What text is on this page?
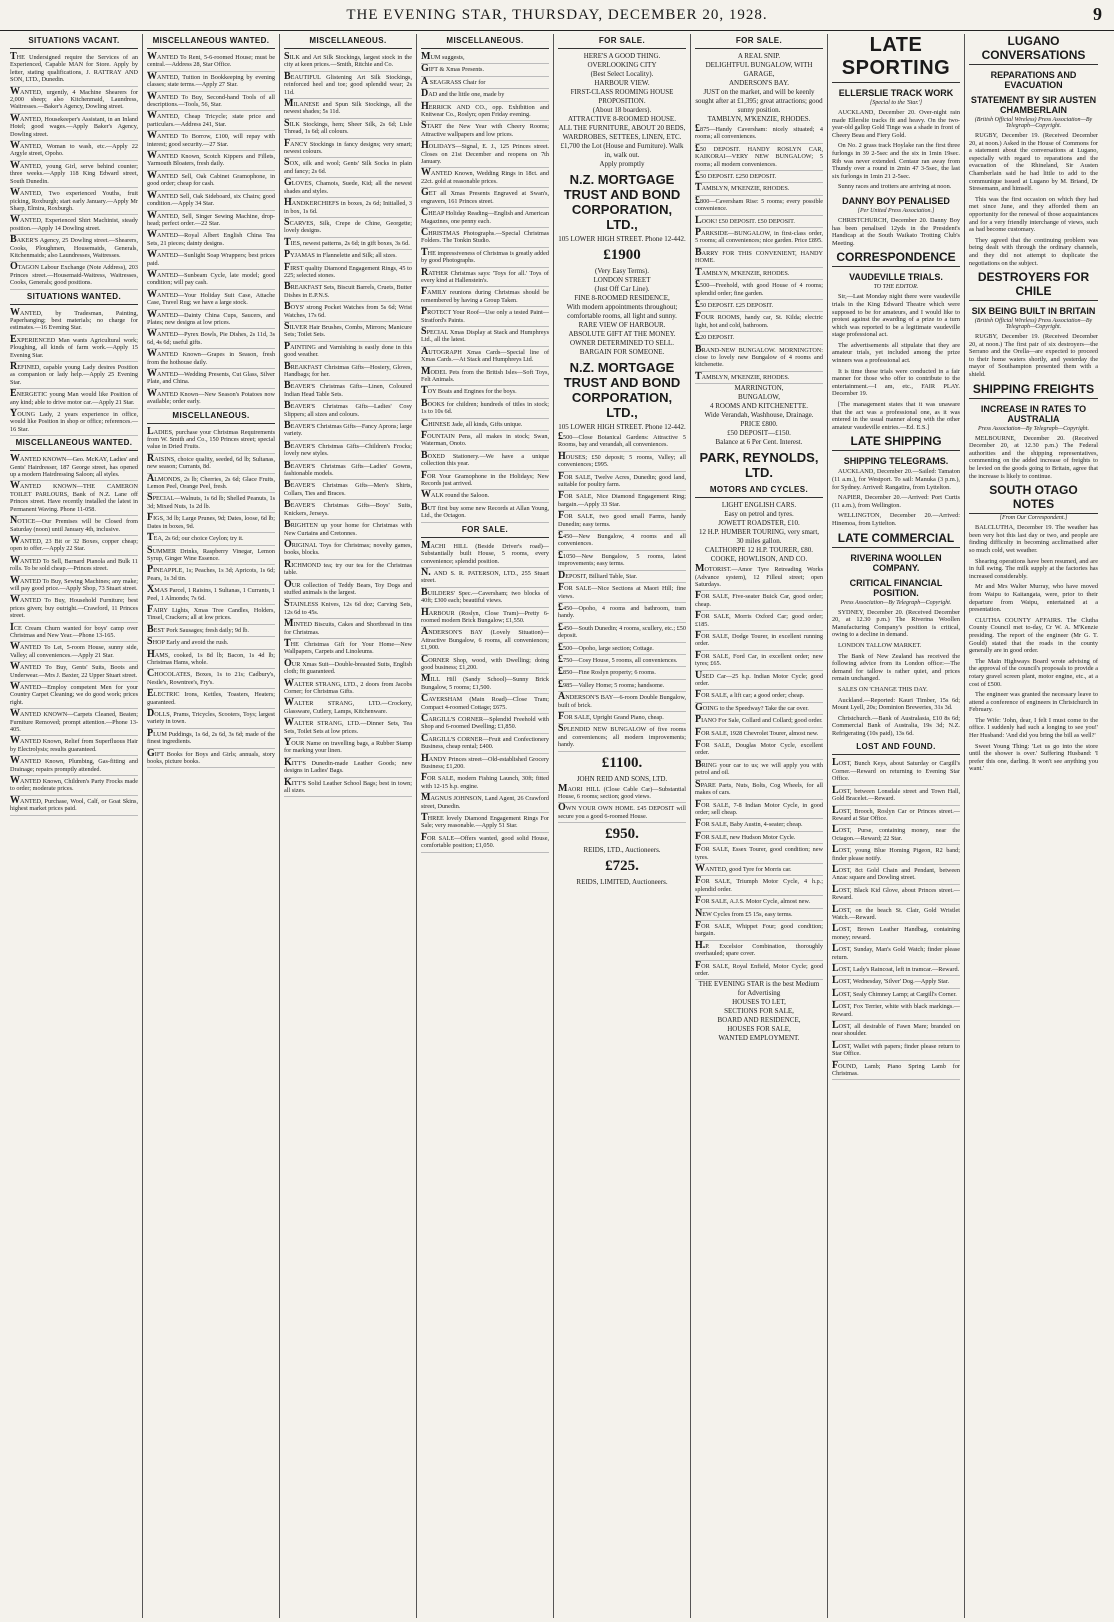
THE EVENING STAR, THURSDAY, DECEMBER 20, 1928.	9
SITUATIONS VACANT.
THE Undersigned require the Services of an Experienced, Capable MAN for Store. Apply by letter, stating qualifications, J. RATTRAY AND SON, LTD., Dunedin.
WANTED, urgently, 4 Machine Shearers for 2,000 sheep; also Kitchenmaid, Laundress, Waitresses.—Baker's Agency, Dowling street.
WANTED, Housekeeper's Assistant, in an Inland Hotel; good wages.—Apply Baker's Agency, Dowling street.
WANTED, Woman to wash, etc.—Apply 22 Argyle street, Opoho.
WANTED, young Girl, serve behind counter; three weeks.—Apply 118 King Edward street, South Dunedin.
WANTED, Two experienced Youths, fruit picking, Roxburgh; start early January.—Apply Mr Sharp, Elmira, Roxburgh.
WANTED, Experienced Shirt Machinist, steady position.—Apply 14 Dowling street.
BAKER'S Agency, 25 Dowling street.—Shearers, Cooks, Ploughmen, Housemaids, Generals, Kitchenmaids; also Laundresses, Waitresses.
OTAGON Labour Exchange (Note Address), 203 Princes street.—Housemaid-Waitress, Waitresses, Cooks, Generals; good positions.
SITUATIONS WANTED.
WANTED, by Tradesman, Painting, Paperhanging; best materials; no charge for estimates.—16 Evening Star.
EXPERIENCED Man wants Agricultural work; Ploughing, all kinds of farm work.—Apply 15 Evening Star.
REFINED, capable young Lady desires Position as companion or lady help.—Apply 25 Evening Star.
ENERGETIC young Man would like Position of any kind; able to drive motor car.—Apply 21 Star.
YOUNG Lady, 2 years experience in office, would like Position in shop or office; references.—16 Star.
MISCELLANEOUS WANTED.
WANTED KNOWN—Geo. McKAY, Ladies' and Gents' Hairdresser, 187 George street, has opened up a modern Hairdressing Saloon; all styles.
WANTED KNOWN—THE CAMERON TOILET PARLOURS, Bank of N.Z. Lane off Princes street. Have recently installed the latest in Permanent Waving. Phone 11-058.
NOTICE—Our Premises will be Closed from Saturday (noon) until January 4th, inclusive.
WANTED, 23 Bit or 32 Boxes, copper cheap; open to offer.—Apply 22 Star.
WANTED To Sell, Barnard Pianola and Bulk 11 rolls. To be sold cheap.—Princes street.
WANTED To Buy, Sewing Machines; any make; will pay good price.—Apply Shop, 73 Stuart street.
WANTED To Buy, Household Furniture; best prices given; buy outright.—Crawford, 11 Princes street.
ICE Cream Churn wanted for boys' camp over Christmas and New Year.—Phone 13-165.
WANTED To Let, 5-room House, sunny side, Valley; all conveniences.—Apply 21 Star.
WANTED To Buy, Gents' Suits, Boots and Underwear.—Mrs J. Baxter, 22 Upper Stuart street.
WANTED—Employ competent Men for your Country Carpet Cleaning; we do good work; prices right.
WANTED KNOWN—Carpets Cleaned, Beaten; Furniture Removed; prompt attention.—Phone 13-405.
WANTED Known, Relief from Superfluous Hair by Electrolysis; results guaranteed.
WANTED Known, Plumbing, Gas-fitting and Drainage; repairs promptly attended.
WANTED Known, Children's Party Frocks made to order; moderate prices.
WANTED, Purchase, Wool, Calf, or Goat Skins, highest market prices paid.
MISCELLANEOUS WANTED.
WANTED To Rent, 5-6-roomed House; must be central.—Address 28, Star Office.
WANTED, Tuition in Bookkeeping by evening classes; state terms.—Apply 27 Star.
WANTED To Buy, Second-hand Tools of all descriptions.—Tools, 56, Star.
WANTED, Cheap Tricycle; state price and particulars.—Address 241, Star.
WANTED To Borrow, £100, will repay with interest; good security.—27 Star.
WANTED Known, Scotch Kippers and Fillets, Yarmouth Bloaters, fresh daily.
WANTED Sell, Oak Cabinet Gramophone, in good order; cheap for cash.
WANTED Sell, Oak Sideboard, six Chairs; good condition.—Apply 34 Star.
WANTED, Sell, Singer Sewing Machine, drop-head; perfect order.—22 Star.
WANTED—Royal Albert English China Tea Sets, 21 pieces; dainty designs.
WANTED—Sunlight Soap Wrappers; best prices paid.
WANTED—Sunbeam Cycle, late model; good condition; will pay cash.
WANTED—Your Holiday Suit Case, Attache Case, Travel Rug; we have a large stock.
WANTED—Dainty China Cups, Saucers, and Plates; new designs at low prices.
WANTED—Pyrex Bowls, Pie Dishes, 2s 11d, 3s 6d, 4s 6d; useful gifts.
WANTED Known—Grapes in Season, fresh from the hothouse daily.
WANTED—Wedding Presents, Cut Glass, Silver Plate, and China.
WANTED Known—New Season's Potatoes now available; order early.
MISCELLANEOUS.
LADIES, purchase your Christmas Requirements from W. Smith and Co., 150 Princes street; special value in Dried Fruits.
RAISINS, choice quality, seeded, 6d lb; Sultanas, new season; Currants, 8d.
ALMONDS, 2s lb; Cherries, 2s 6d; Glace Fruits, Lemon Peel, Orange Peel, fresh.
SPECIAL—Walnuts, 1s 6d lb; Shelled Peanuts, 1s 3d; Mixed Nuts, 1s 2d lb.
FIGS, 3d lb; Large Prunes, 9d; Dates, loose, 6d lb; Dates in boxes, 9d.
TEA, 2s 6d; our choice Ceylon; try it.
SUMMER Drinks, Raspberry Vinegar, Lemon Syrup, Ginger Wine Essence.
PINEAPPLE, 1s; Peaches, 1s 3d; Apricots, 1s 6d; Pears, 1s 3d tin.
XMAS Parcel, 1 Raisins, 1 Sultanas, 1 Currants, 1 Peel, 1 Almonds; 7s 6d.
FAIRY Lights, Xmas Tree Candles, Holders, Tinsel, Crackers; all at low prices.
BEST Pork Sausages; fresh daily; 9d lb.
SHOP Early and avoid the rush.
HAMS, cooked, 1s 8d lb; Bacon, 1s 4d lb; Christmas Hams, whole.
CHOCOLATES, Boxes, 1s to 21s; Cadbury's, Nestle's, Rowntree's, Fry's.
ELECTRIC Irons, Kettles, Toasters, Heaters; guaranteed.
DOLLS, Prams, Tricycles, Scooters, Toys; largest variety in town.
PLUM Puddings, 1s 6d, 2s 6d, 3s 6d; made of the finest ingredients.
GIFT Books for Boys and Girls; annuals, story books, picture books.
MISCELLANEOUS.
SILK and Art Silk Stockings, largest stock in the city at keen prices.—Smith, Ritchie and Co.
BEAUTIFUL Glistening Art Silk Stockings, reinforced heel and toe; good splendid wear; 2s 11d.
MILANESE and Spun Silk Stockings, all the newest shades; 5s 11d.
SILK Stockings, hem; Sheer Silk, 2s 6d; Lisle Thread, 1s 6d; all colours.
FANCY Stockings in fancy designs; very smart; newest colours.
SOX, silk and wool; Gents' Silk Socks in plain and fancy; 2s 6d.
GLOVES, Chamois, Suede, Kid; all the newest shades and styles.
HANDKERCHIEFS in boxes, 2s 6d; Initialled, 3 in box, 1s 6d.
SCARVES, Silk, Crepe de Chine, Georgette; lovely designs.
TIES, newest patterns, 2s 6d; in gift boxes, 3s 6d.
PYJAMAS in Flannelette and Silk; all sizes.
FIRST quality Diamond Engagement Rings, 45 to 225; selected stones.
BREAKFAST Sets, Biscuit Barrels, Cruets, Butter Dishes in E.P.N.S.
BOYS' strong Pocket Watches from 5s 6d; Wrist Watches, 17s 6d.
SILVER Hair Brushes, Combs, Mirrors; Manicure Sets; Toilet Sets.
PAINTING and Varnishing is easily done in this good weather.
BREAKFAST Christmas Gifts—Hosiery, Gloves, Handbags; for her.
BEAVER'S Christmas Gifts—Linen, Coloured Indian Head Table Sets.
BEAVER'S Christmas Gifts—Ladies' Cosy Slippers; all sizes and colours.
BEAVER'S Christmas Gifts—Fancy Aprons; large variety.
BEAVER'S Christmas Gifts—Children's Frocks; lovely new styles.
BEAVER'S Christmas Gifts—Ladies' Gowns, fashionable models.
BEAVER'S Christmas Gifts—Men's Shirts, Collars, Ties and Braces.
BEAVER'S Christmas Gifts—Boys' Suits, Knickers, Jerseys.
BRIGHTEN up your home for Christmas with New Curtains and Cretonnes.
ORIGINAL Toys for Christmas; novelty games, books, blocks.
RICHMOND tea; try our tea for the Christmas table.
OUR collection of Teddy Bears, Toy Dogs and stuffed animals is the largest.
STAINLESS Knives, 12s 6d doz; Carving Sets, 12s 6d to 45s.
MINTED Biscuits, Cakes and Shortbread in tins for Christmas.
THE Christmas Gift for Your Home—New Wallpapers, Carpets and Linoleums.
OUR Xmas Suit—Double-breasted Suits, English cloth; fit guaranteed.
WALTER STRANG, LTD., 2 doors from Jacobs Corner; for Christmas Gifts.
WALTER STRANG, LTD.—Crockery, Glassware, Cutlery, Lamps, Kitchenware.
WALTER STRANG, LTD.—Dinner Sets, Tea Sets, Toilet Sets at low prices.
YOUR Name on travelling bags, a Rubber Stamp for marking your linen.
KITT'S Dunedin-made Leather Goods; new designs in Ladies' Bags.
KITT'S Solid Leather School Bags; best in town; all sizes.
MISCELLANEOUS.
MUM suggests,
GIFT & Xmas Presents.
A SEAGRASS Chair for
DAD and the little one, made by
HERRICK AND CO., opp. Exhibition and Knitwear Co., Roslyn; open Friday evening.
START the New Year with Cheery Rooms; Attractive wallpapers and low prices.
HOLIDAYS—Signal, E. J., 125 Princes street. Closes on 21st December and reopens on 7th January.
WANTED Known, Wedding Rings in 18ct. and 22ct. gold at reasonable prices.
GET all Xmas Presents Engraved at Swan's, engravers, 161 Princes street.
CHEAP Holiday Reading—English and American Magazines, one penny each.
CHRISTMAS Photographs.—Special Christmas Folders. The Tonkin Studio.
THE impressiveness of Christmas is greatly added by good Photographs.
RATHER Christmas says: 'Toys for all.' Toys of every kind at Hallenstein's.
FAMILY reunions during Christmas should be remembered by having a Group Taken.
PROTECT Your Roof—Use only a tested Paint—Stratford's Paints.
SPECIAL Xmas Display at Stack and Humphreys Ltd., all the latest.
AUTOGRAPH Xmas Cards—Special line of Xmas Cards.—At Stack and Humphreys Ltd.
MODEL Pets from the British Isles—Soft Toys, Felt Animals.
TOY Boats and Engines for the boys.
BOOKS for children; hundreds of titles in stock; 1s to 10s 6d.
CHINESE Jade, all kinds, Gifts unique.
FOUNTAIN Pens, all makes in stock; Swan, Waterman, Onoto.
BOXED Stationery.—We have a unique collection this year.
FOR Your Gramophone in the Holidays; New Records just arrived.
WALK round the Saloon.
BUT first buy some new Records at Allan Young, Ltd., the Octagon.
FOR SALE.
MACHI HILL (Beside Driver's road)—Substantially built House, 5 rooms, every convenience; splendid position.
N. AND S. R. PATERSON, LTD., 255 Stuart street.
BUILDERS' Spec.—Caversham; two blocks of 40ft; £300 each; beautiful views.
HARBOUR (Roslyn, Close Tram)—Pretty 6-roomed modern Brick Bungalow; £1,550.
ANDERSON'S BAY (Lovely Situation)—Attractive Bungalow, 6 rooms, all conveniences; £1,900.
CORNER Shop, wood, with Dwelling; doing good business; £1,200.
MILL Hill (Sandy School)—Sunny Brick Bungalow, 5 rooms; £1,500.
CAVERSHAM (Main Road)—Close Tram; Compact 4-roomed Cottage; £675.
CARGILL'S CORNER—Splendid Freehold with Shop and 6-roomed Dwelling; £1,850.
CARGILL'S CORNER—Fruit and Confectionery Business, cheap rental; £400.
HANDY Princes street—Old-established Grocery Business; £1,200.
FOR SALE, modern Fishing Launch, 30ft; fitted with 12-15 h.p. engine.
MAGNUS JOHNSON, Land Agent, 26 Crawford street, Dunedin.
THREE lovely Diamond Engagement Rings For Sale; very reasonable.—Apply 51 Star.
FOR SALE—Offers wanted, good solid House, comfortable position; £1,050.
FOR SALE.
HERE'S A GOOD THING.
OVERLOOKING CITY
(Best Select Locality).
HARBOUR VIEW.
FIRST-CLASS ROOMING HOUSE PROPOSITION.
(About 18 boarders).
ATTRACTIVE 8-ROOMED HOUSE.
ALL THE FURNITURE, ABOUT 20 BEDS, WARDROBES, SETTEES, LINEN, ETC.
£1,700 the Lot (House and Furniture). Walk in, walk out.
Apply promptly
N.Z. MORTGAGE TRUST AND BOND CORPORATION, LTD.,
105 LOWER HIGH STREET. Phone 12-442.
£1900
(Very Easy Terms).
LONDON STREET
(Just Off Car Line).
FINE 8-ROOMED RESIDENCE,
With modern appointments throughout; comfortable rooms, all light and sunny.
RARE VIEW OF HARBOUR.
ABSOLUTE GIFT AT THE MONEY. OWNER DETERMINED TO SELL.
BARGAIN FOR SOMEONE.
N.Z. MORTGAGE TRUST AND BOND CORPORATION, LTD.,
105 LOWER HIGH STREET. Phone 12-442.
£500—Close Botanical Gardens: Attractive 5 Rooms, bay and verandah, all conveniences.
HOUSES; £50 deposit; 5 rooms, Valley; all conveniences; £995.
FOR SALE, Twelve Acres, Dunedin; good land, suitable for poultry farm.
FOR SALE, Nice Diamond Engagement Ring; bargain.—Apply 33 Star.
FOR SALE, two good small Farms, handy Dunedin; easy terms.
£450—New Bungalow, 4 rooms and all conveniences.
£1050—New Bungalow, 5 rooms, latest improvements; easy terms.
DEPOSIT, Billiard Table, Star.
FOR SALE—Nice Sections at Maori Hill; fine views.
£450—Opoho, 4 rooms and bathroom, tram handy.
£450—South Dunedin; 4 rooms, scullery, etc.; £50 deposit.
£500—Opoho, large section; Cottage.
£750—Cosy House, 5 rooms, all conveniences.
£850—Fine Roslyn property; 6 rooms.
£985—Valley Home; 5 rooms; handsome.
ANDERSON'S BAY—6-room Double Bungalow, built of brick.
FOR SALE, Upright Grand Piano, cheap.
SPLENDID NEW BUNGALOW of five rooms and conveniences; all modern improvements; handy.
£1100.
JOHN REID AND SONS, LTD.
MAORI HILL (Close Cable Car)—Substantial House, 6 rooms; section; good views.
OWN YOUR OWN HOME. £45 DEPOSIT will secure you a good 6-roomed House.
£950.
REIDS, LTD., Auctioneers.
£725.
REIDS, LIMITED, Auctioneers.
FOR SALE.
A REAL SNIP.
DELIGHTFUL BUNGALOW, WITH GARAGE,
ANDERSON'S BAY.
JUST on the market, and will be keenly sought after at £1,395; great attractions; good sunny position.
TAMBLYN, M'KENZIE, RHODES.
£875—Handy Caversham: nicely situated; 4 rooms; all conveniences.
£50 DEPOSIT. HANDY ROSLYN CAR, KAIKORAI—VERY NEW BUNGALOW; 5 rooms; all modern conveniences.
£50 DEPOSIT. £250 DEPOSIT.
TAMBLYN, M'KENZIE, RHODES.
£800—Caversham Rise: 5 rooms; every possible convenience.
LOOK! £50 DEPOSIT. £50 DEPOSIT.
PARKSIDE—BUNGALOW, in first-class order, 5 rooms; all conveniences; nice garden. Price £895.
BARRY FOR THIS CONVENIENT, HANDY HOME.
TAMBLYN, M'KENZIE, RHODES.
£500—Freehold, with good House of 4 rooms; splendid order; fine garden.
£50 DEPOSIT. £25 DEPOSIT.
FOUR ROOMS, handy car, St. Kilda; electric light, hot and cold, bathroom.
£20 DEPOSIT.
BRAND-NEW BUNGALOW. MORNINGTON: close to lovely new Bungalow of 4 rooms and kitchenette.
TAMBLYN, M'KENZIE, RHODES.
MARRINGTON,
BUNGALOW,
4 ROOMS AND KITCHENETTE.
Wide Verandah, Washhouse, Drainage.
PRICE £800.
£50 DEPOSIT—£150.
Balance at 6 Per Cent. Interest.
PARK, REYNOLDS, LTD.
MOTORS AND CYCLES.
LIGHT ENGLISH CARS.
Easy on petrol and tyres.
JOWETT ROADSTER, £10.
12 H.P. HUMBER TOURING, very smart, 30 miles gallon.
CALTHORPE 12 H.P. TOURER, £80.
COOKE, HOWLISON, AND CO.
MOTORIST.—Amor Tyre Retreading Works (Advance system), 12 Filleul street; open Saturdays.
FOR SALE, Five-seater Buick Car, good order; cheap.
FOR SALE, Morris Oxford Car; good order; £185.
FOR SALE, Dodge Tourer, in excellent running order.
FOR SALE, Ford Car, in excellent order; new tyres; £65.
USED Car—25 h.p. Indian Motor Cycle; good order.
FOR SALE, a lift car; a good order; cheap.
GOING to the Speedway? Take the car over.
PIANO For Sale, Collard and Collard; good order.
FOR SALE, 1928 Chevrolet Tourer, almost new.
FOR SALE, Douglas Motor Cycle, excellent order.
BRING your car to us; we will apply you with petrol and oil.
SPARE Parts, Nuts, Bolts, Cog Wheels, for all makes of cars.
FOR SALE, 7-8 Indian Motor Cycle, in good order; sell cheap.
FOR SALE, Baby Austin, 4-seater; cheap.
FOR SALE, new Hudson Motor Cycle.
FOR SALE, Essex Tourer, good condition; new tyres.
WANTED, good Tyre for Morris car.
FOR SALE, Triumph Motor Cycle, 4 h.p.; splendid order.
FOR SALE, A.J.S. Motor Cycle, almost new.
NEW Cycles from £5 15s, easy terms.
FOR SALE, Whippet Four; good condition; bargain.
H.P. Excelsior Combination, thoroughly overhauled; spare cover.
FOR SALE, Royal Enfield, Motor Cycle; good order.
THE EVENING STAR is the best Medium for Advertising
HOUSES TO LET,
SECTIONS FOR SALE,
BOARD AND RESIDENCE,
HOUSES FOR SALE,
WANTED EMPLOYMENT.
LATE SPORTING
ELLERSLIE TRACK WORK
[Special to the 'Star.']
AUCKLAND, December 20. Over-night rain made Ellerslie tracks fit and heavy. On the two-year-old gallop Gold Tinge was a shade in front of Cheery Beau and Fiery Gold.
On No. 2 grass track Hoylake ran the first three furlongs in 39 2-5sec and the six in 1min 19sec. Rib was never extended. Centaur ran away from Thundy over a round in 2min 47 3-5sec, the last six furlongs in 1min 21 2-5sec.
Sunny races and trotters are arriving at noon.
DANNY BOY PENALISED
[Per United Press Association.]
CHRISTCHURCH, December 20. Danny Boy has been penalised 12yds in the President's Handicap at the South Waikato Trotting Club's Meeting.
CORRESPONDENCE
VAUDEVILLE TRIALS.
TO THE EDITOR.
Sir,—Last Monday night there were vaudeville trials in the King Edward Theatre which were supposed to be for amateurs, and I would like to protest against the awarding of a prize to a turn which was reported to be a legitimate vaudeville stage professional act.
The advertisements all stipulate that they are amateur trials, yet included among the prize winners was a professional act.
It is time these trials were conducted in a fair manner for those who offer to contribute to the entertainment.—I am, etc., FAIR PLAY. December 19.
[The management states that it was unaware that the act was a professional one, as it was entered in the usual manner along with the other amateur vaudeville entries.—Ed. E.S.]
LATE SHIPPING
SHIPPING TELEGRAMS.
AUCKLAND, December 20.—Sailed: Tamaton (11 a.m.), for Westport. To sail: Manuka (3 p.m.), for Sydney. Arrived: Rangatira, from Lyttelton.
NAPIER, December 20.—Arrived: Port Curtis (11 a.m.), from Wellington.
WELLINGTON, December 20.—Arrived: Hinemoa, from Lyttelton.
LATE COMMERCIAL
RIVERINA WOOLLEN COMPANY.
CRITICAL FINANCIAL POSITION.
Press Association—By Telegraph—Copyright.
SYDNEY, December 20. (Received December 20, at 12.30 p.m.) The Riverina Woollen Manufacturing Company's position is critical, owing to a decline in demand.
LONDON TALLOW MARKET.
The Bank of New Zealand has received the following advice from its London office:—The demand for tallow is rather quiet, and prices remain unchanged.
SALES ON 'CHANGE THIS DAY.
Auckland.—Reported: Kauri Timber, 15s 6d; Mount Lyell, 20s; Dominion Breweries, 31s 3d.
Christchurch.—Bank of Australasia, £10 8s 6d; Commercial Bank of Australia, 19s 3d; N.Z. Refrigerating (10s paid), 13s 6d.
LOST AND FOUND.
LOST, Bunch Keys, about Saturday or Cargill's Corner.—Reward on returning to Evening Star Office.
LOST, between Lonsdale street and Town Hall, Gold Bracelet.—Reward.
LOST, Brooch, Roslyn Car or Princes street.—Reward at Star Office.
LOST, Purse, containing money, near the Octagon.—Reward; 22 Star.
LOST, young Blue Homing Pigeon, R2 band; finder please notify.
LOST, 8ct Gold Chain and Pendant, between Anzac square and Dowling street.
LOST, Black Kid Glove, about Princes street.—Reward.
LOST, on the beach St. Clair, Gold Wristlet Watch.—Reward.
LOST, Brown Leather Handbag, containing money; reward.
LOST, Sunday, Man's Gold Watch; finder please return.
LOST, Lady's Raincoat, left in tramcar.—Reward.
LOST, Wednesday, 'Silver' Dog.—Apply Star.
LOST, Sealy Chimney Lamp; at Cargill's Corner.
LOST, Fox Terrier, white with black markings.—Reward.
LOST, all desirable of Fawn Mare; branded on near shoulder.
LOST, Wallet with papers; finder please return to Star Office.
FOUND, Lamb; Piano Spring Lamb for Christmas.
LUGANO CONVERSATIONS
REPARATIONS AND EVACUATION
STATEMENT BY SIR AUSTEN CHAMBERLAIN
(British Official Wireless) Press Association—By Telegraph—Copyright.
RUGBY, December 19. (Received December 20, at noon.) Asked in the House of Commons for a statement about the conversations at Lugano, especially with regard to reparations and the evacuation of the Rhineland, Sir Austen Chamberlain said he had little to add to the communique issued at Lugano by M. Briand, Dr Stresemann, and himself.
This was the first occasion on which they had met since June, and they afforded them an opportunity for the renewal of those acquaintances and for a very friendly interchange of views, such as had become customary.
They agreed that the continuing problem was being dealt with through the ordinary channels, and they did not attempt to duplicate the negotiations on the subject.
DESTROYERS FOR CHILE
SIX BEING BUILT IN BRITAIN
(British Official Wireless) Press Association—By Telegraph—Copyright.
RUGBY, December 19. (Received December 20, at noon.) The first pair of six destroyers—the Serrano and the Orella—are expected to proceed to their home waters shortly, and yesterday the mayor of Southampton presented them with a shield.
SHIPPING FREIGHTS
INCREASE IN RATES TO AUSTRALIA
Press Association—By Telegraph—Copyright.
MELBOURNE, December 20. (Received December 20, at 12.30 p.m.) The Federal authorities and the shipping representatives, commenting on the added increase of freights to be levied on the goods going to Britain, agree that the increase is likely to continue.
SOUTH OTAGO NOTES
[From Our Correspondent.]
BALCLUTHA, December 19. The weather has been very hot this last day or two, and people are finding difficulty in becoming acclimatised after so much cold, wet weather.
Shearing operations have been resumed, and are in full swing. The milk supply at the factories has increased considerably.
Mr and Mrs Walter Murray, who have moved from Waipu to Kaitangata, were, prior to their departure from Waipu, entertained at a presentation.
CLUTHA COUNTY AFFAIRS. The Clutha County Council met to-day, Cr W. A. M'Kenzie presiding. The report of the engineer (Mr G. T. Gould) stated that the roads in the county generally are in good order.
The Main Highways Board wrote advising of the approval of the council's proposals to provide a rotary gravel screen plant, motor engine, etc., at a cost of £500.
The engineer was granted the necessary leave to attend a conference of engineers in Christchurch in February.
The Wife: 'John, dear, I felt I must come to the office. I suddenly had such a longing to see you!' Her Husband: 'And did you bring the bill as well?'
Sweet Young Thing: 'Let us go into the store until the shower is over.' Suffering Husband: 'I prefer this one, darling. It won't see anything you want.'
